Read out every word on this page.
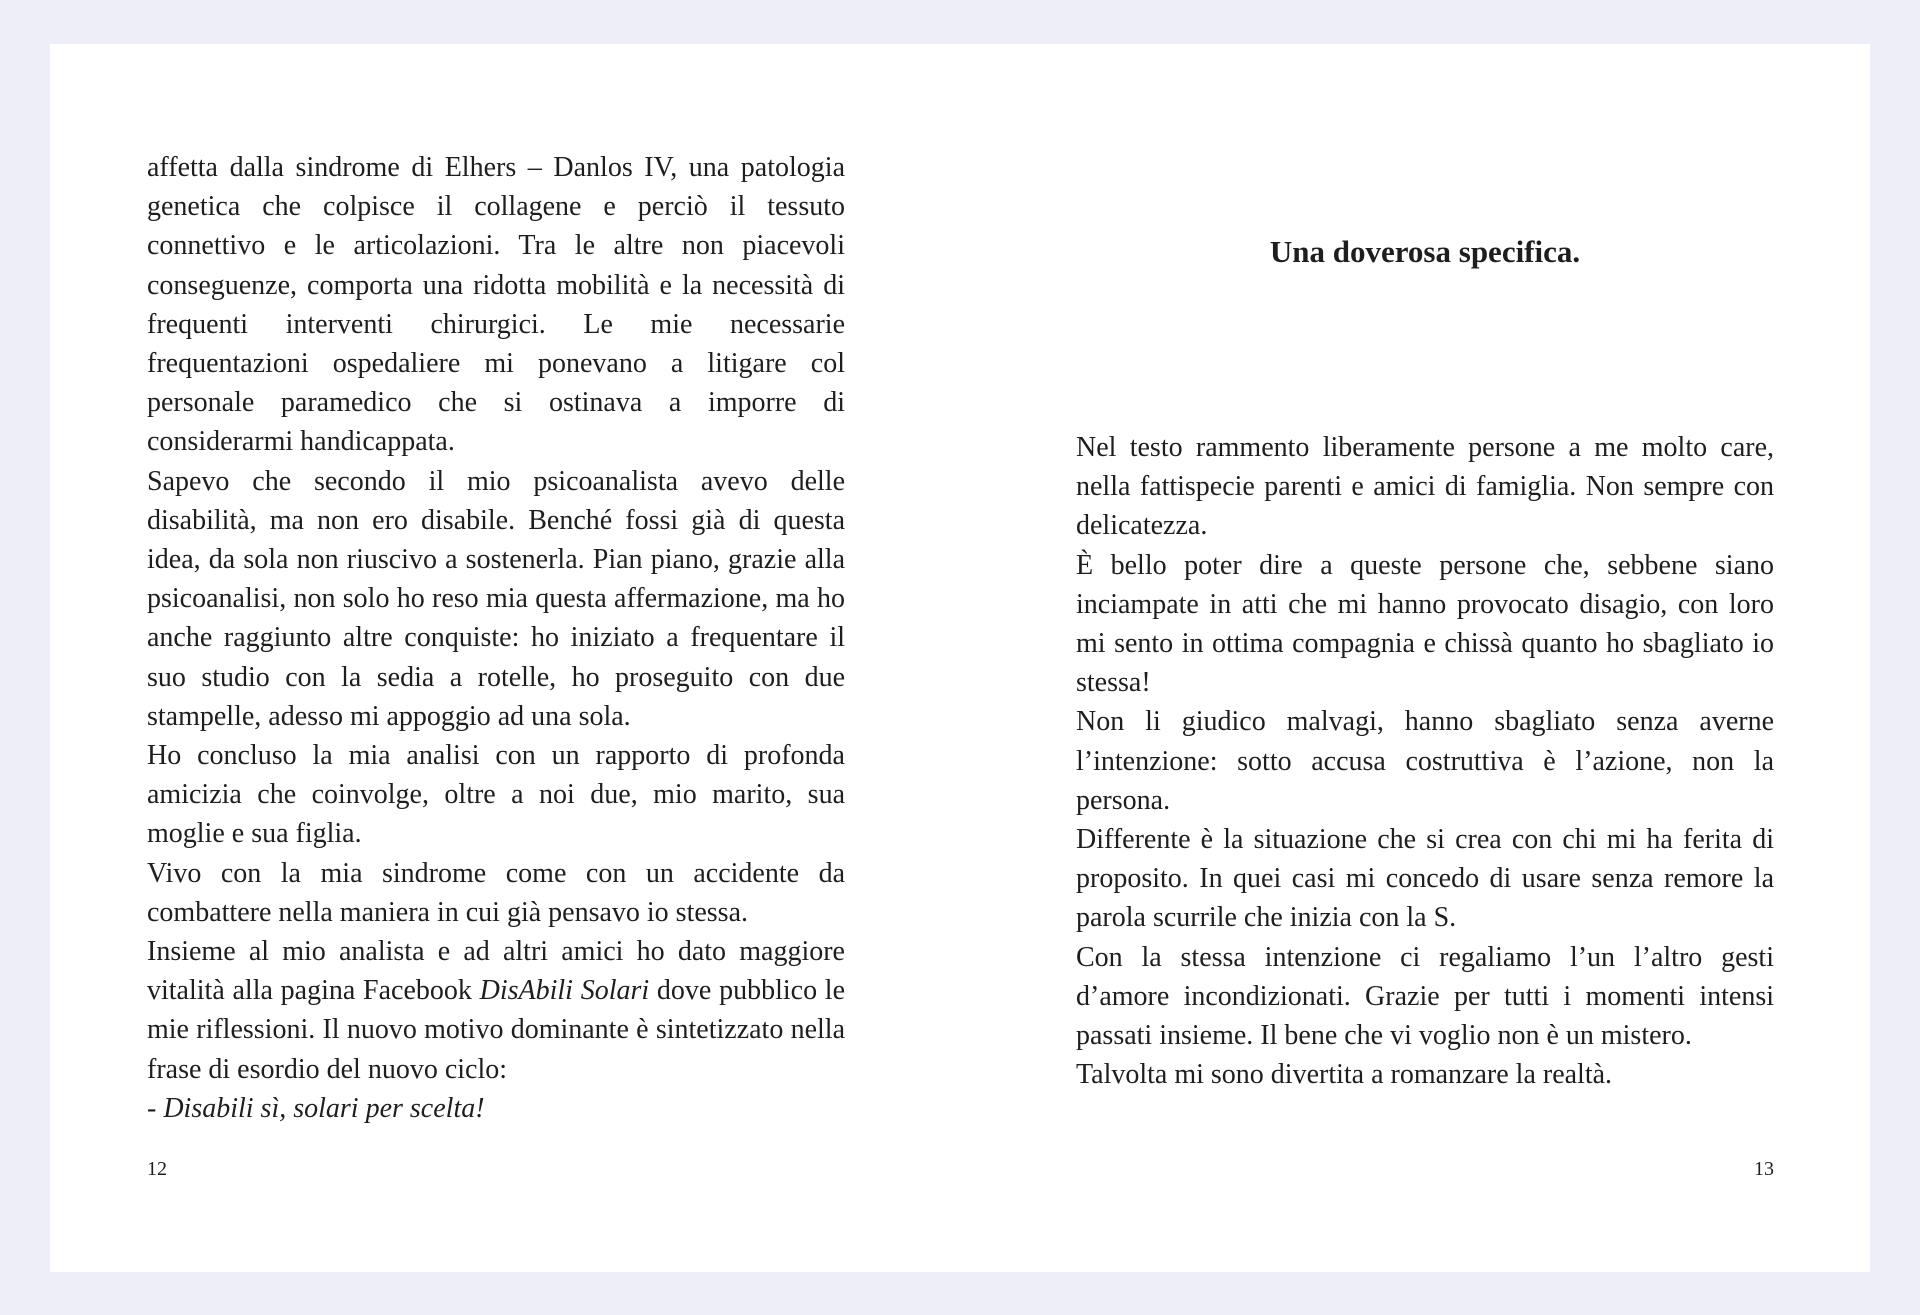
affetta dalla sindrome di Elhers – Danlos IV, una patologia genetica che colpisce il collagene e perciò il tessuto connettivo e le articolazioni. Tra le altre non piacevoli conseguenze, comporta una ridotta mobilità e la necessità di frequenti interventi chirurgici. Le mie necessarie frequentazioni ospedaliere mi ponevano a litigare col personale paramedico che si ostinava a imporre di considerarmi handicappata.

Sapevo che secondo il mio psicoanalista avevo delle disabilità, ma non ero disabile. Benché fossi già di questa idea, da sola non riuscivo a sostenerla. Pian piano, grazie alla psicoanalisi, non solo ho reso mia questa affermazione, ma ho anche raggiunto altre conquiste: ho iniziato a frequentare il suo studio con la sedia a rotelle, ho proseguito con due stampelle, adesso mi appoggio ad una sola.

Ho concluso la mia analisi con un rapporto di profonda amicizia che coinvolge, oltre a noi due, mio marito, sua moglie e sua figlia.

Vivo con la mia sindrome come con un accidente da combattere nella maniera in cui già pensavo io stessa.

Insieme al mio analista e ad altri amici ho dato maggiore vitalità alla pagina Facebook DisAbili Solari dove pubblico le mie riflessioni. Il nuovo motivo dominante è sintetizzato nella frase di esordio del nuovo ciclo:

- Disabili sì, solari per scelta!

12
Una doverosa specifica.

Nel testo rammento liberamente persone a me molto care, nella fattispecie parenti e amici di famiglia. Non sempre con delicatezza.

È bello poter dire a queste persone che, sebbene siano inciampate in atti che mi hanno provocato disagio, con loro mi sento in ottima compagnia e chissà quanto ho sbagliato io stessa!

Non li giudico malvagi, hanno sbagliato senza averne l’intenzione: sotto accusa costruttiva è l’azione, non la persona.

Differente è la situazione che si crea con chi mi ha ferita di proposito. In quei casi mi concedo di usare senza remore la parola scurrile che inizia con la S.

Con la stessa intenzione ci regaliamo l’un l’altro gesti d’amore incondizionati. Grazie per tutti i momenti intensi passati insieme. Il bene che vi voglio non è un mistero.

Talvolta mi sono divertita a romanzare la realtà.

13
